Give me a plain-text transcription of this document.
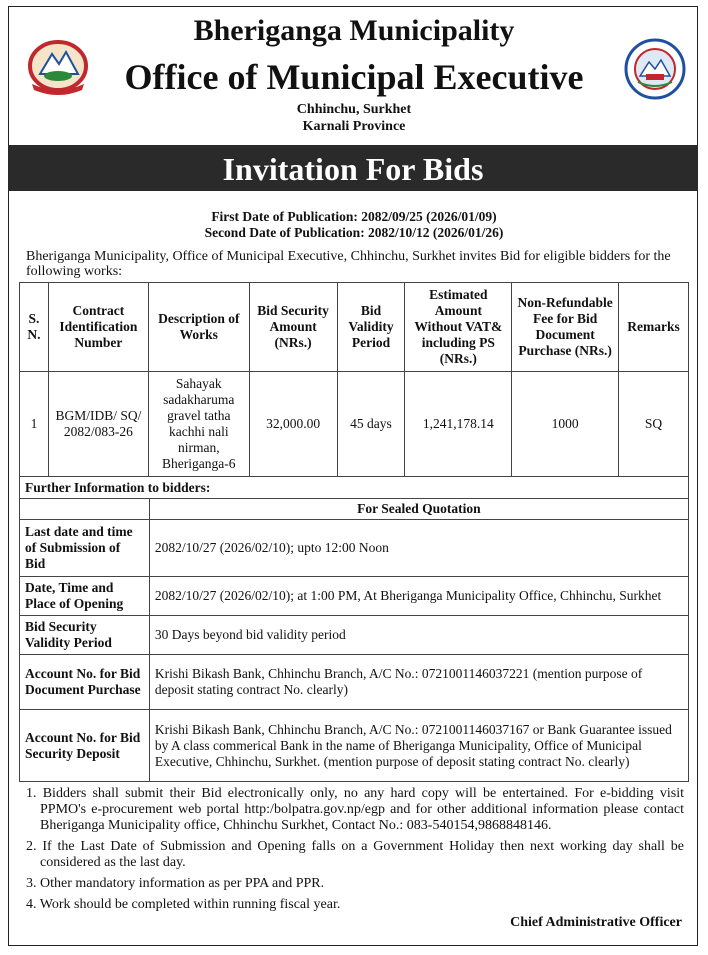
Bheriganga Municipality
Office of Municipal Executive
Chhinchu, Surkhet
Karnali Province
Invitation For Bids
First Date of Publication: 2082/09/25 (2026/01/09)
Second Date of Publication: 2082/10/12 (2026/01/26)
Bheriganga Municipality, Office of Municipal Executive, Chhinchu, Surkhet invites Bid for eligible bidders for the following works:
S. N.	Contract Identification Number	Description of Works	Bid Security Amount (NRs.)	Bid Validity Period	Estimated Amount Without VAT& including PS (NRs.)	Non-Refundable Fee for Bid Document Purchase (NRs.)	Remarks
1	BGM/IDB/ SQ/ 2082/083-26	Sahayak sadakharuma gravel tatha kachhi nali nirman, Bheriganga-6	32,000.00	45 days	1,241,178.14	1000	SQ
Further Information to bidders:	
	For Sealed Quotation
Last date and time of Submission of Bid	2082/10/27 (2026/02/10); upto 12:00 Noon
Date, Time and Place of Opening	2082/10/27 (2026/02/10); at 1:00 PM, At Bheriganga Municipality Office, Chhinchu, Surkhet
Bid Security Validity Period	30 Days beyond bid validity period
Account No. for Bid Document Purchase	Krishi Bikash Bank, Chhinchu Branch, A/C No.: 0721001146037221 (mention purpose of deposit stating contract No. clearly)
Account No. for Bid Security Deposit	Krishi Bikash Bank, Chhinchu Branch, A/C No.: 0721001146037167 or Bank Guarantee issued by A class commerical Bank in the name of Bheriganga Municipality, Office of Municipal Executive, Chhinchu, Surkhet. (mention purpose of deposit stating contract No. clearly)
1. Bidders shall submit their Bid electronically only, no any hard copy will be entertained. For e-bidding visit PPMO's e-procurement web portal http:/bolpatra.gov.np/egp and for other additional information please contact Bheriganga Municipality office, Chhinchu Surkhet, Contact No.: 083-540154,9868848146.
2. If the Last Date of Submission and Opening falls on a Government Holiday then next working day shall be considered as the last day.
3. Other mandatory information as per PPA and PPR.
4. Work should be completed within running fiscal year.
Chief Administrative Officer
